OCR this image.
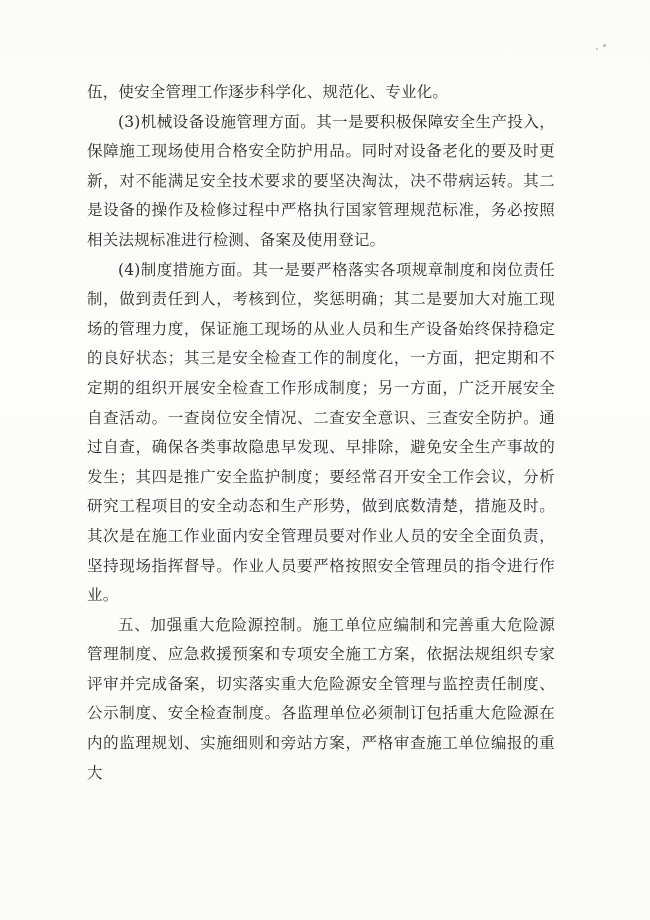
伍，使安全管理工作逐步科学化、规范化、专业化。

(3)机械设备设施管理方面。其一是要积极保障安全生产投入，保障施工现场使用合格安全防护用品。同时对设备老化的要及时更新，对不能满足安全技术要求的要坚决淘汰，决不带病运转。其二是设备的操作及检修过程中严格执行国家管理规范标准，务必按照相关法规标准进行检测、备案及使用登记。

(4)制度措施方面。其一是要严格落实各项规章制度和岗位责任制，做到责任到人，考核到位，奖惩明确；其二是要加大对施工现场的管理力度，保证施工现场的从业人员和生产设备始终保持稳定的良好状态；其三是安全检查工作的制度化，一方面，把定期和不定期的组织开展安全检查工作形成制度；另一方面，广泛开展安全自查活动。一查岗位安全情况、二查安全意识、三查安全防护。通过自查，确保各类事故隐患早发现、早排除，避免安全生产事故的发生；其四是推广安全监护制度；要经常召开安全工作会议，分析研究工程项目的安全动态和生产形势，做到底数清楚，措施及时。其次是在施工作业面内安全管理员要对作业人员的安全全面负责，坚持现场指挥督导。作业人员要严格按照安全管理员的指令进行作业。

五、加强重大危险源控制。施工单位应编制和完善重大危险源管理制度、应急救援预案和专项安全施工方案，依据法规组织专家评审并完成备案，切实落实重大危险源安全管理与监控责任制度、公示制度、安全检查制度。各监理单位必须制订包括重大危险源在内的监理规划、实施细则和旁站方案，严格审查施工单位编报的重大
